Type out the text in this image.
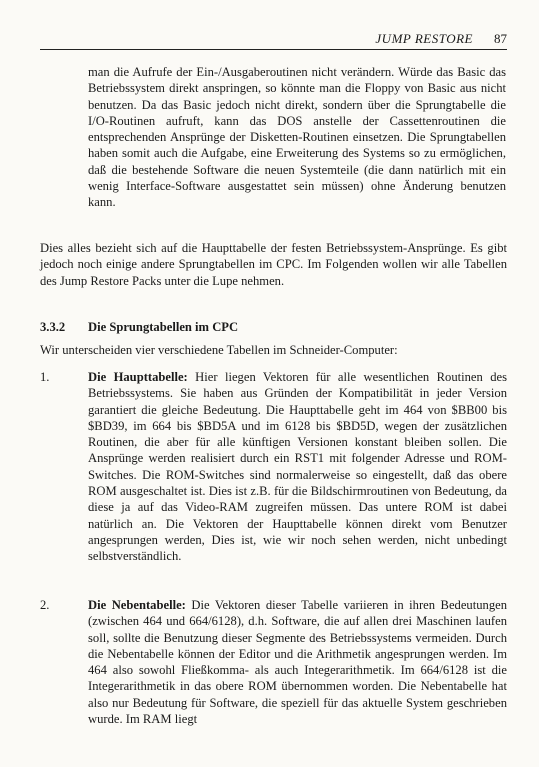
JUMP RESTORE 87

man die Aufrufe der Ein-/Ausgaberoutinen nicht verändern. Würde das Basic das Betriebssystem direkt anspringen, so könnte man die Floppy von Basic aus nicht benutzen. Da das Basic jedoch nicht direkt, sondern über die Sprungtabelle die I/O-Routinen aufruft, kann das DOS anstelle der Cassettenroutinen die entsprechenden Ansprünge der Disketten-Routinen einsetzen. Die Sprungtabellen haben somit auch die Aufgabe, eine Erweiterung des Systems so zu ermöglichen, daß die bestehende Software die neuen Systemteile (die dann natürlich mit ein wenig Interface-Software ausgestattet sein müssen) ohne Änderung benutzen kann.

Dies alles bezieht sich auf die Haupttabelle der festen Betriebssystem-Ansprünge. Es gibt jedoch noch einige andere Sprungtabellen im CPC. Im Folgenden wollen wir alle Tabellen des Jump Restore Packs unter die Lupe nehmen.

3.3.2 Die Sprungtabellen im CPC

Wir unterscheiden vier verschiedene Tabellen im Schneider-Computer:

1.	Die Haupttabelle: Hier liegen Vektoren für alle wesentlichen Routinen des Betriebssystems. Sie haben aus Gründen der Kompatibilität in jeder Version garantiert die gleiche Bedeutung. Die Haupttabelle geht im 464 von $BB00 bis $BD39, im 664 bis $BD5A und im 6128 bis $BD5D, wegen der zusätzlichen Routinen, die aber für alle künftigen Versionen konstant bleiben sollen. Die Ansprünge werden realisiert durch ein RST1 mit folgender Adresse und ROM-Switches. Die ROM-Switches sind normalerweise so eingestellt, daß das obere ROM ausgeschaltet ist. Dies ist z.B. für die Bildschirmroutinen von Bedeutung, da diese ja auf das Video-RAM zugreifen müssen. Das untere ROM ist dabei natürlich an. Die Vektoren der Haupttabelle können direkt vom Benutzer angesprungen werden, Dies ist, wie wir noch sehen werden, nicht unbedingt selbstverständlich.

2.	Die Nebentabelle: Die Vektoren dieser Tabelle variieren in ihren Bedeutungen (zwischen 464 und 664/6128), d.h. Software, die auf allen drei Maschinen laufen soll, sollte die Benutzung dieser Segmente des Betriebssystems vermeiden. Durch die Nebentabelle können der Editor und die Arithmetik angesprungen werden. Im 464 also sowohl Fließkomma- als auch Integerarithmetik. Im 664/6128 ist die Integerarithmetik in das obere ROM übernommen worden. Die Nebentabelle hat also nur Bedeutung für Software, die speziell für das aktuelle System geschrieben wurde. Im RAM liegt
